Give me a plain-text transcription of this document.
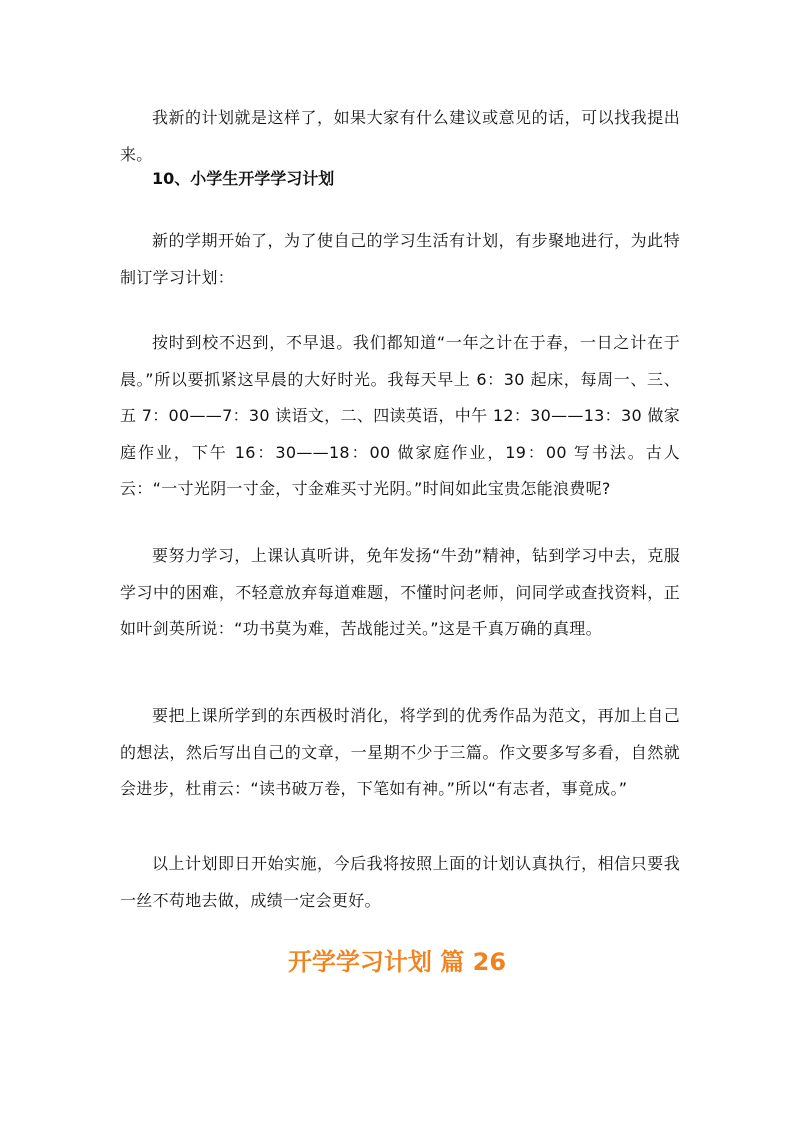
我新的计划就是这样了，如果大家有什么建议或意见的话，可以找我提出来。

10、小学生开学学习计划

新的学期开始了，为了使自己的学习生活有计划，有步聚地进行，为此特制订学习计划：

按时到校不迟到，不早退。我们都知道“一年之计在于春，一日之计在于晨。”所以要抓紧这早晨的大好时光。我每天早上 6：30 起床，每周一、三、五 7：00——7：30 读语文，二、四读英语，中午 12：30——13：30 做家庭作业，下午 16：30——18：00 做家庭作业，19：00 写书法。古人云：“一寸光阴一寸金，寸金难买寸光阴。”时间如此宝贵怎能浪费呢?

要努力学习，上课认真听讲，免年发扬“牛劲”精神，钻到学习中去，克服学习中的困难，不轻意放弃每道难题，不懂时问老师，问同学或查找资料，正如叶剑英所说：“功书莫为难，苦战能过关。”这是千真万确的真理。

要把上课所学到的东西极时消化，将学到的优秀作品为范文，再加上自己的想法，然后写出自己的文章，一星期不少于三篇。作文要多写多看，自然就会进步，杜甫云：“读书破万卷，下笔如有神。”所以“有志者，事竟成。”

以上计划即日开始实施，今后我将按照上面的计划认真执行，相信只要我一丝不苟地去做，成绩一定会更好。

开学学习计划 篇 26
